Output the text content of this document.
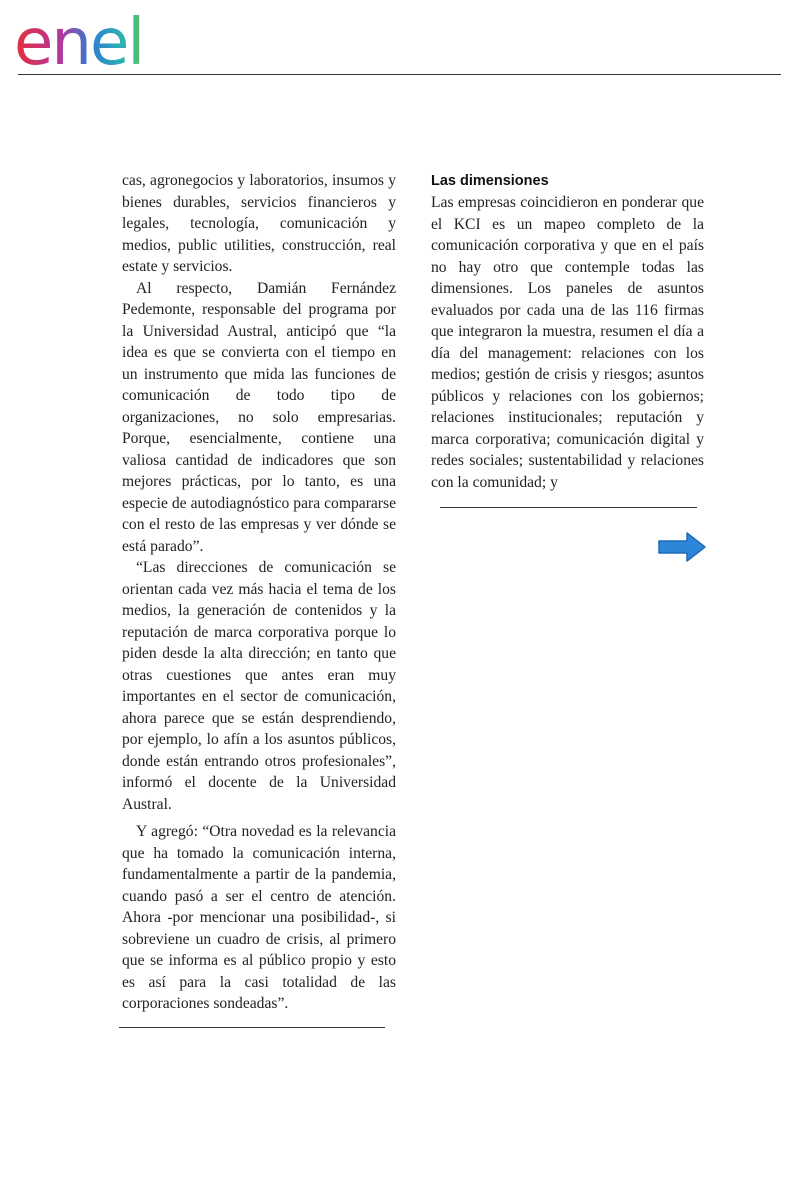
enel

cas, agronegocios y laboratorios, insumos y bienes durables, servicios financieros y legales, tecnología, comunicación y medios, public utilities, construcción, real estate y servicios.

Al respecto, Damián Fernández Pedemonte, responsable del programa por la Universidad Austral, anticipó que “la idea es que se convierta con el tiempo en un instrumento que mida las funciones de comunicación de todo tipo de organizaciones, no solo empresarias. Porque, esencialmente, contiene una valiosa cantidad de indicadores que son mejores prácticas, por lo tanto, es una especie de autodiagnóstico para compararse con el resto de las empresas y ver dónde se está parado”.

“Las direcciones de comunicación se orientan cada vez más hacia el tema de los medios, la generación de contenidos y la reputación de marca corporativa porque lo piden desde la alta dirección; en tanto que otras cuestiones que antes eran muy importantes en el sector de comunicación, ahora parece que se están desprendiendo, por ejemplo, lo afín a los asuntos públicos, donde están entrando otros profesionales”, informó el docente de la Universidad Austral.

Y agregó: “Otra novedad es la relevancia que ha tomado la comunicación interna, fundamentalmente a partir de la pandemia, cuando pasó a ser el centro de atención. Ahora -por mencionar una posibilidad-, si sobreviene un cuadro de crisis, al primero que se informa es al público propio y esto es así para la casi totalidad de las corporaciones sondeadas”.

Las dimensiones

Las empresas coincidieron en ponderar que el KCI es un mapeo completo de la comunicación corporativa y que en el país no hay otro que contemple todas las dimensiones. Los paneles de asuntos evaluados por cada una de las 116 firmas que integraron la muestra, resumen el día a día del management: relaciones con los medios; gestión de crisis y riesgos; asuntos públicos y relaciones con los gobiernos; relaciones institucionales; reputación y marca corporativa; comunicación digital y redes sociales; sustentabilidad y relaciones con la comunidad; y
